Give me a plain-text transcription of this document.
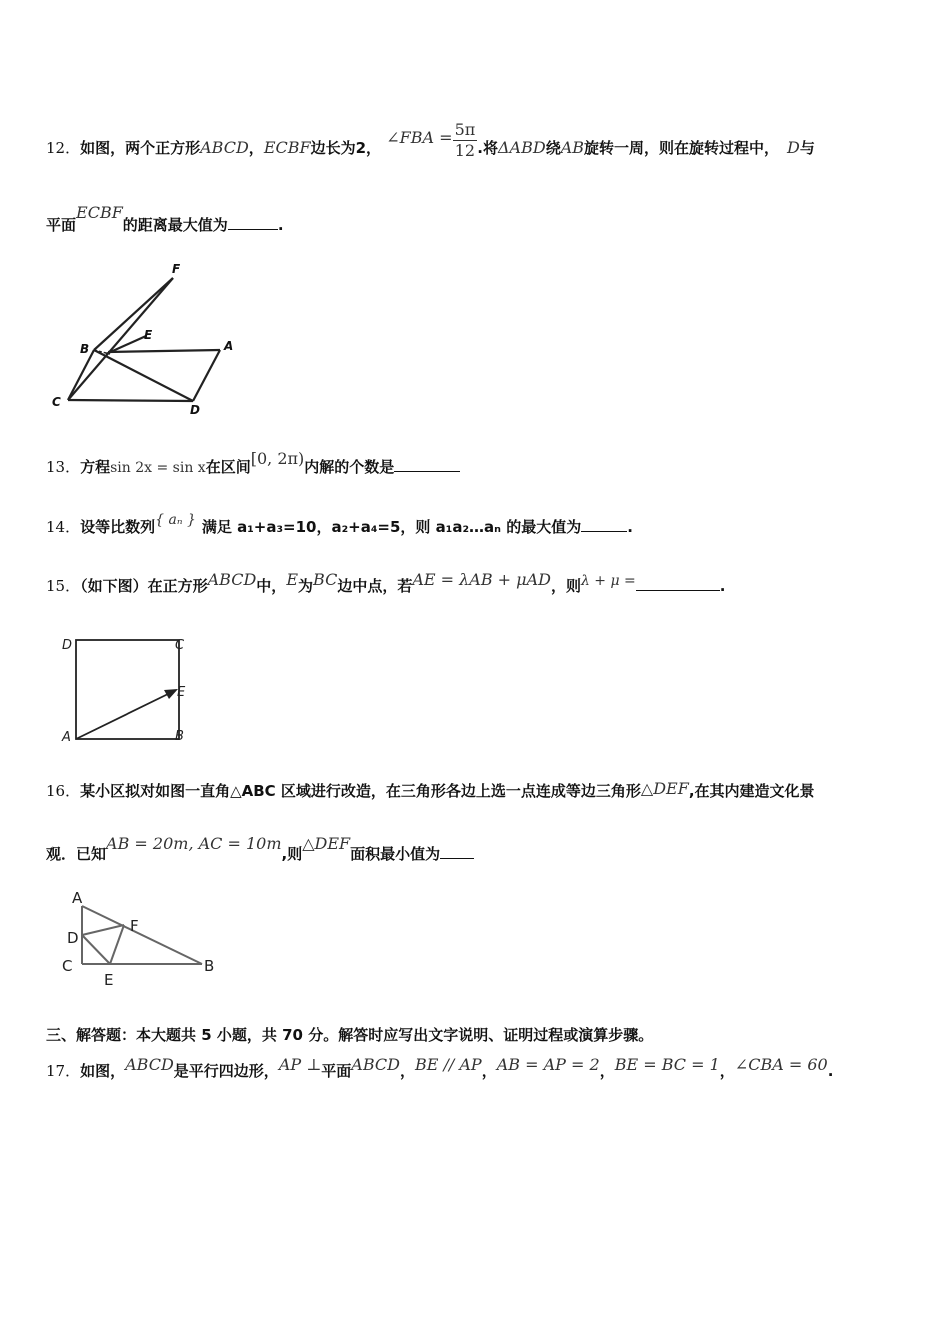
12．如图，两个正方形ABCD，ECBF边长为2， ∠FBA = $\frac{5\pi}{12}$.将ΔABD绕AB旋转一周，则在旋转过程中， D与
平面ECBF的距离最大值为	.
F
E
B	A
C
D
13．方程sin 2x = sin x在区间[0, 2π)内解的个数是
14．设等比数列{ aₙ } 满足 a₁+a₃=10，a₂+a₄=5，则 a₁a₂…aₙ 的最大值为	.
15．（如下图）在正方形ABCD中，E为BC边中点，若AE = λAB + μAD，则λ + μ =	.
D	C
E
A	B
16．某小区拟对如图一直角△ABC 区域进行改造，在三角形各边上选一点连成等边三角形△DEF,在其内建造文化景
观．已知AB = 20m, AC = 10m,则△DEF面积最小值为
A
F
D
C
E
B
三、解答题：本大题共 5 小题，共 70 分。解答时应写出文字说明、证明过程或演算步骤。
17．如图，ABCD是平行四边形，AP ⊥平面ABCD，BE // AP，AB = AP = 2，BE = BC = 1，∠CBA = 60.
